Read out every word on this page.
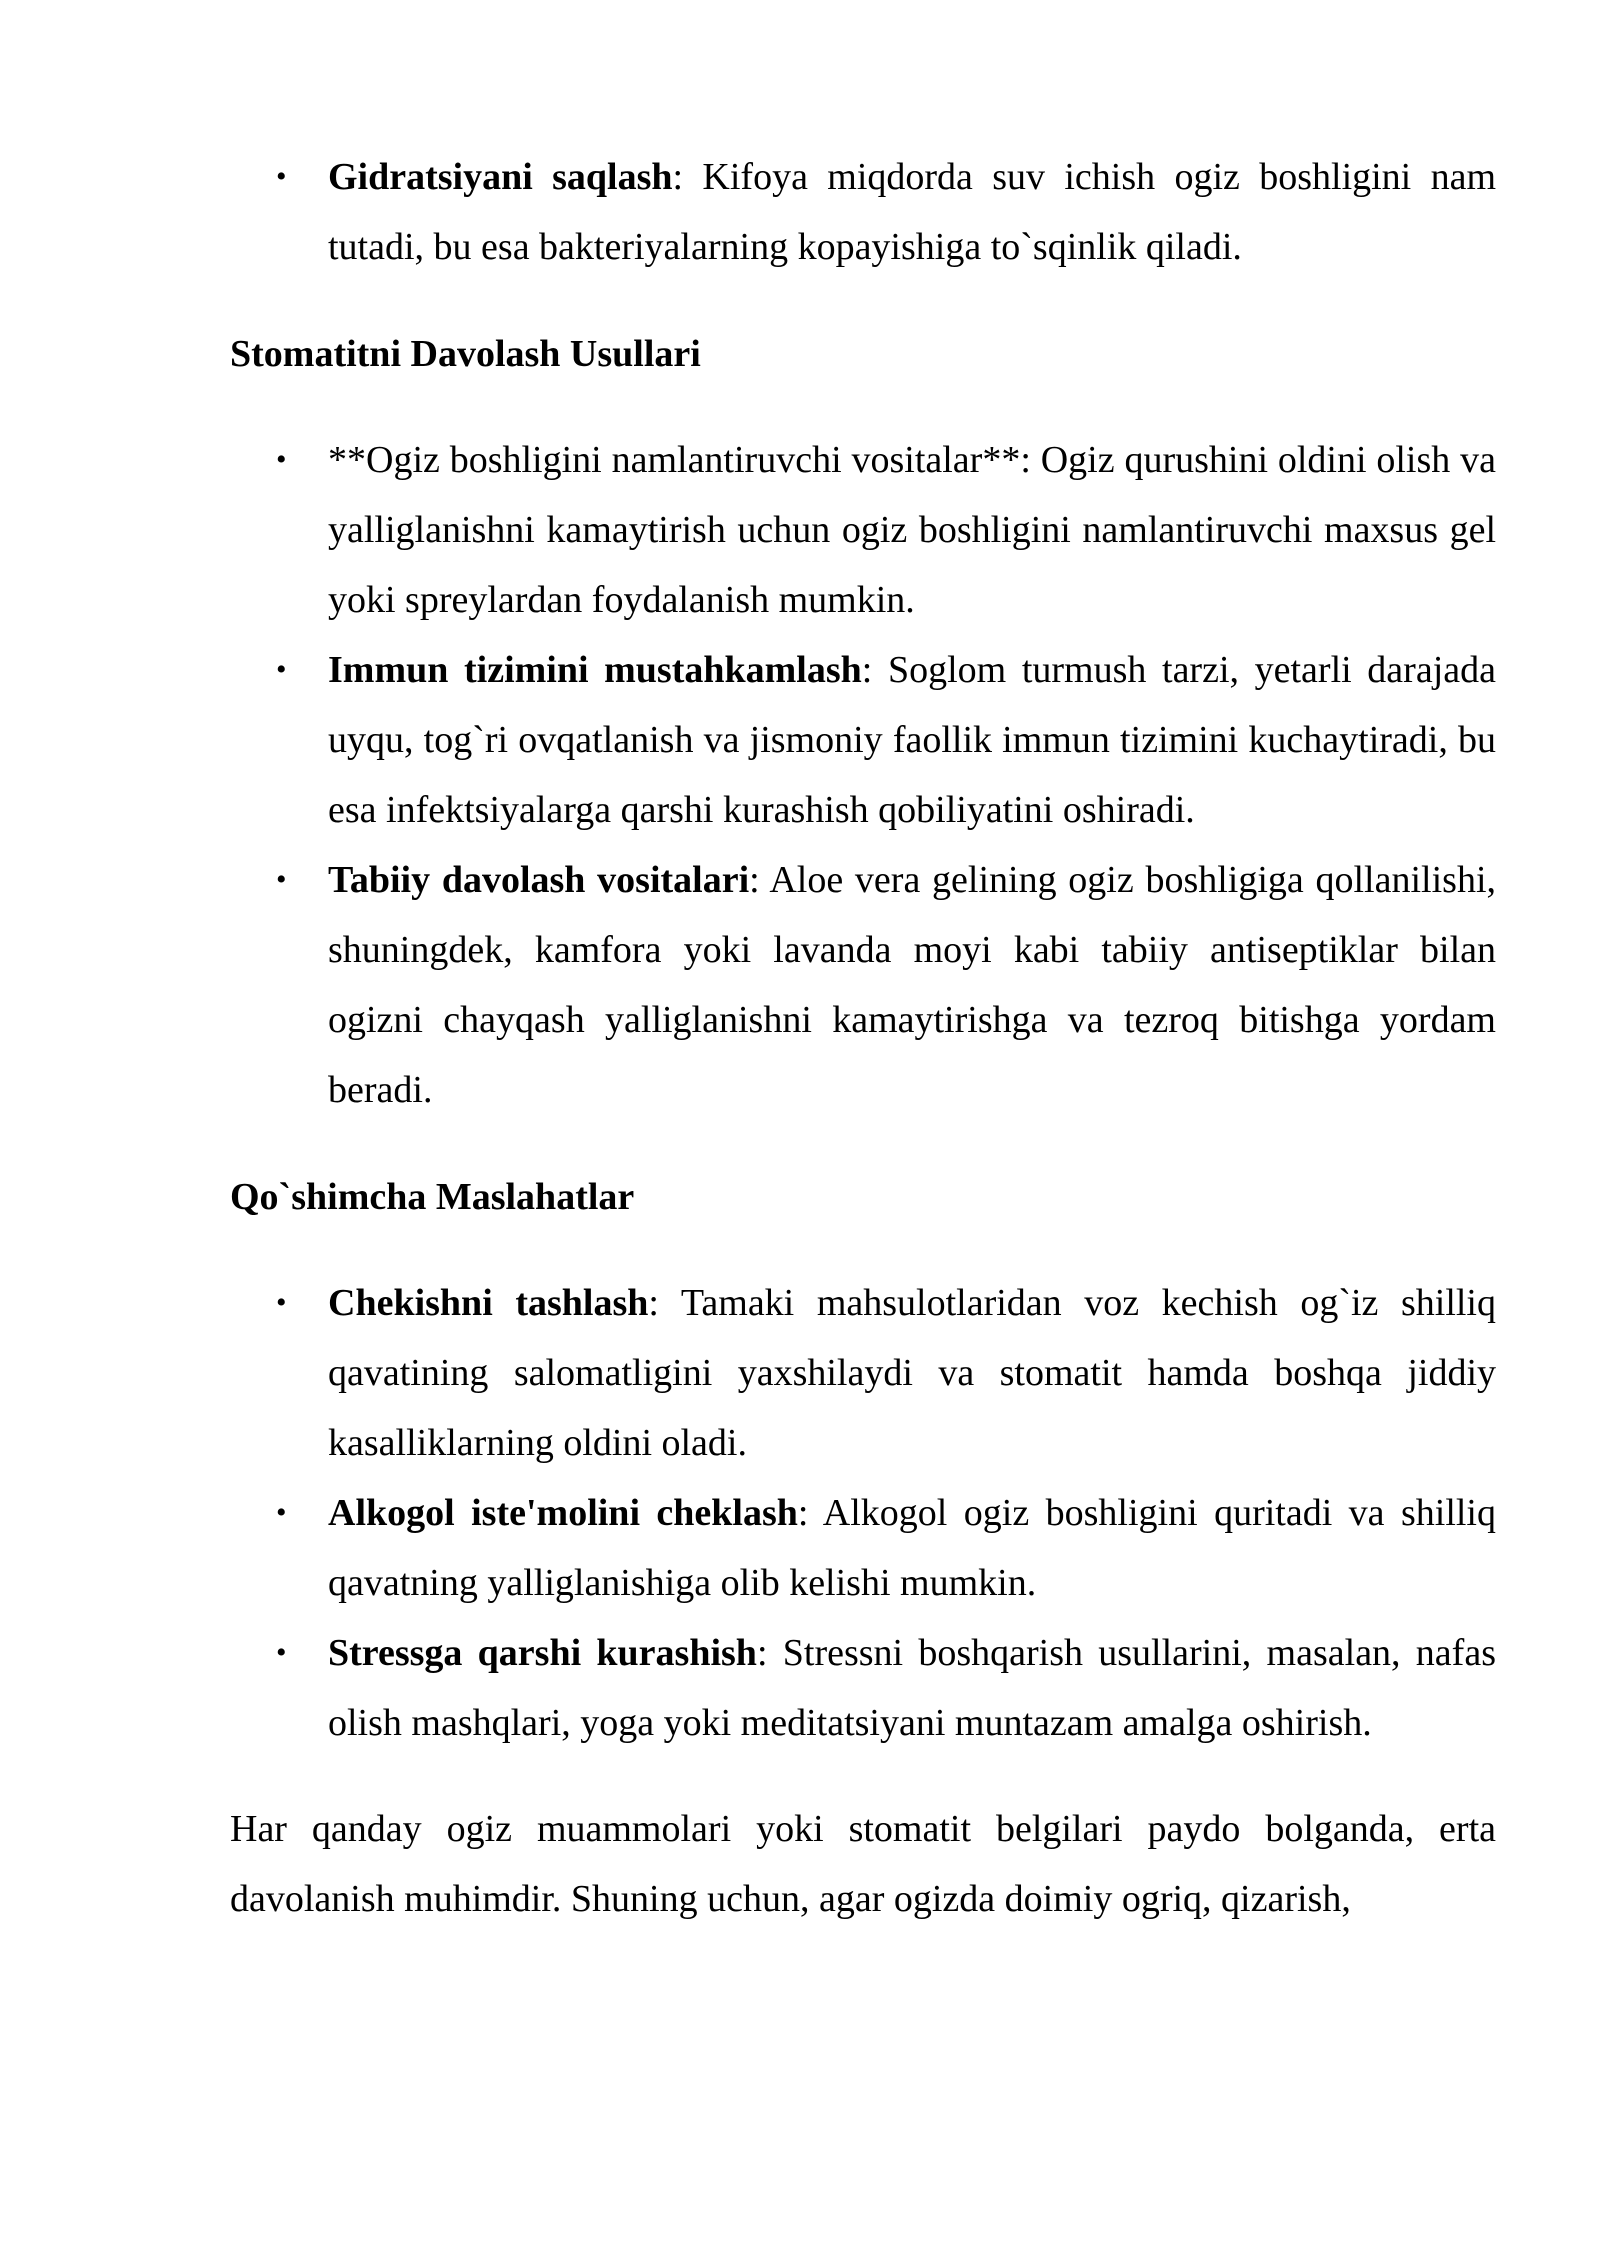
• Gidratsiyani saqlash: Kifoya miqdorda suv ichish ogiz boshligini nam tutadi, bu esa bakteriyalarning kopayishiga to`sqinlik qiladi.
Stomatitni Davolash Usullari
• **Ogiz boshligini namlantiruvchi vositalar**: Ogiz qurushini oldini olish va yalliglanishni kamaytirish uchun ogiz boshligini namlantiruvchi maxsus gel yoki spreylardan foydalanish mumkin.
• Immun tizimini mustahkamlash: Soglom turmush tarzi, yetarli darajada uyqu, tog`ri ovqatlanish va jismoniy faollik immun tizimini kuchaytiradi, bu esa infektsiyalarga qarshi kurashish qobiliyatini oshiradi.
• Tabiiy davolash vositalari: Aloe vera gelining ogiz boshligiga qollanilishi, shuningdek, kamfora yoki lavanda moyi kabi tabiiy antiseptiklar bilan ogizni chayqash yalliglanishni kamaytirishga va tezroq bitishga yordam beradi.
Qo`shimcha Maslahatlar
• Chekishni tashlash: Tamaki mahsulotlaridan voz kechish og`iz shilliq qavatining salomatligini yaxshilaydi va stomatit hamda boshqa jiddiy kasalliklarning oldini oladi.
• Alkogol iste'molini cheklash: Alkogol ogiz boshligini quritadi va shilliq qavatning yalliglanishiga olib kelishi mumkin.
• Stressga qarshi kurashish: Stressni boshqarish usullarini, masalan, nafas olish mashqlari, yoga yoki meditatsiyani muntazam amalga oshirish.

Har qanday ogiz muammolari yoki stomatit belgilari paydo bolganda, erta davolanish muhimdir. Shuning uchun, agar ogizda doimiy ogriq, qizarish,
